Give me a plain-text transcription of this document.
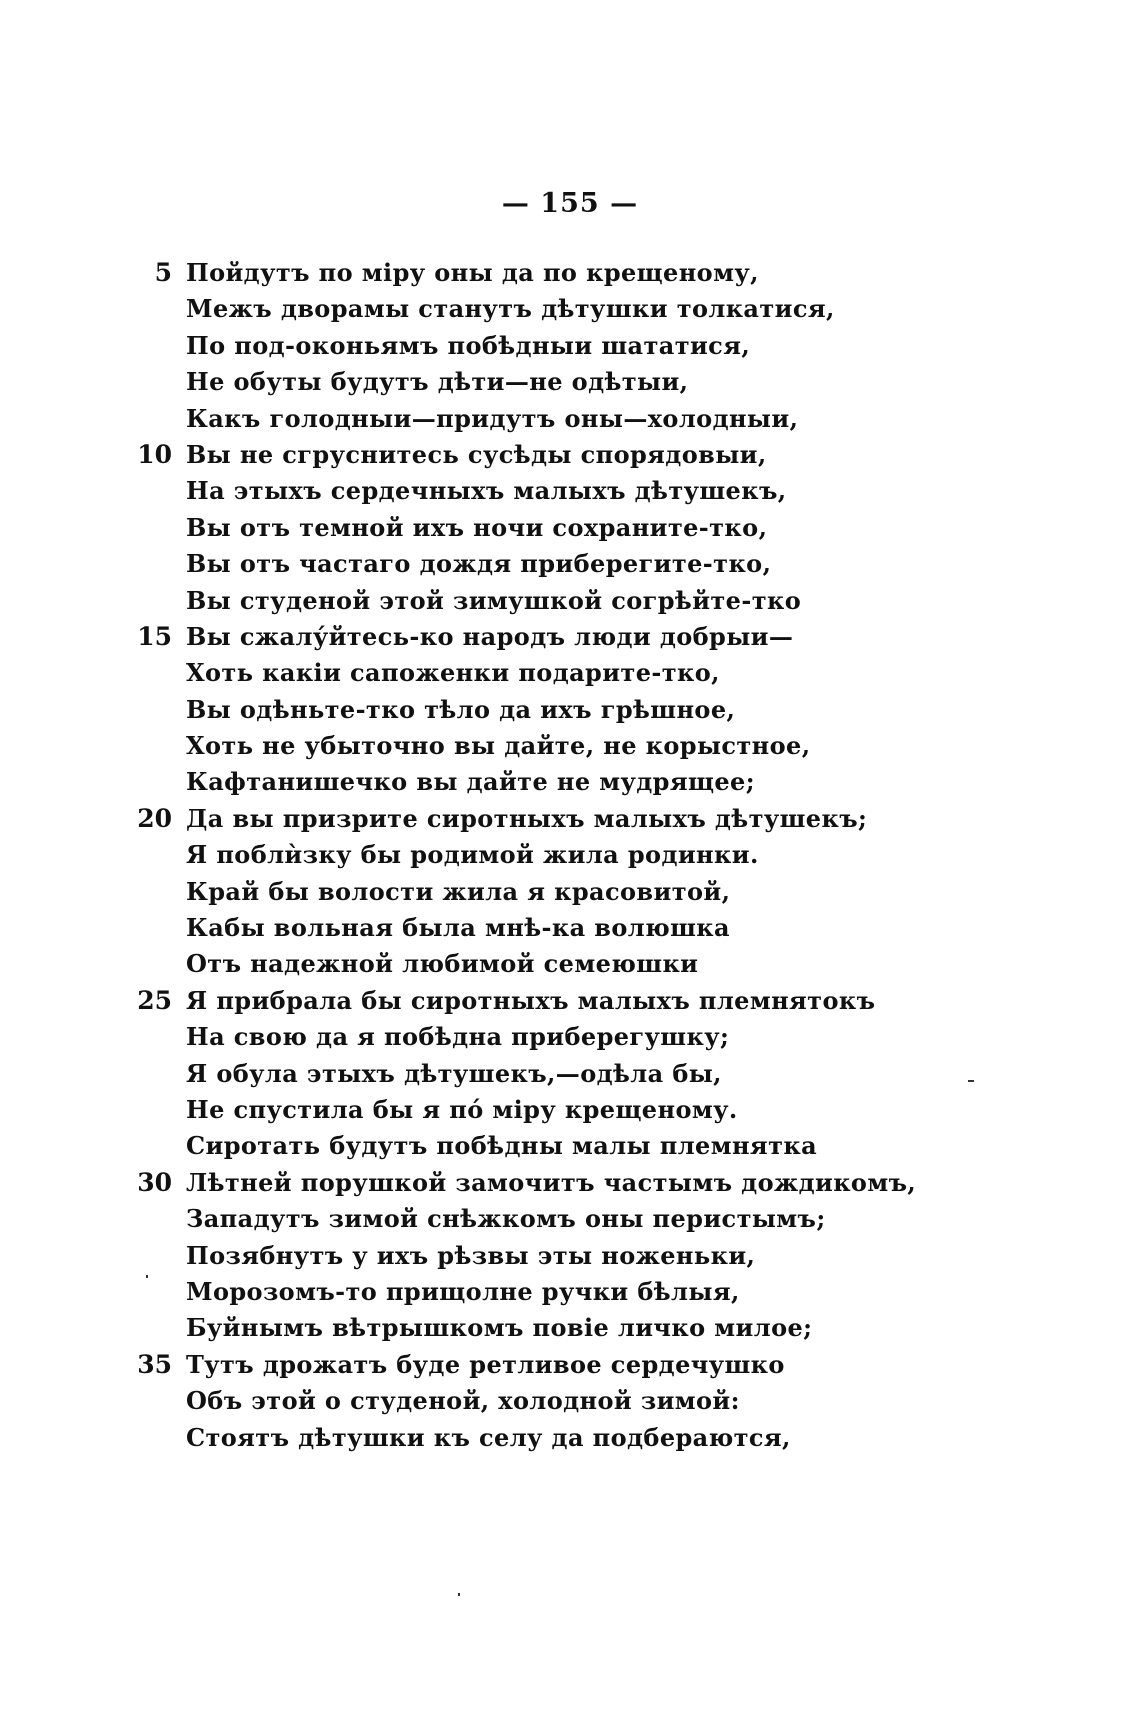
— 155 —
5 Пойдутъ по міру оны да по крещеному,
Межъ дворамы станутъ дѣтушки толкатися,
По под-оконьямъ побѣдныи шататися,
Не обуты будутъ дѣти—не одѣтыи,
Какъ голодныи—придутъ оны—холодныи,
10 Вы не сгруснитесь сусѣды спорядовыи,
На этыхъ сердечныхъ малыхъ дѣтушекъ,
Вы отъ темной ихъ ночи сохраните-тко,
Вы отъ частаго дождя приберегите-тко,
Вы студеной этой зимушкой согрѣйте-тко
15 Вы сжалу́йтесь-ко народъ люди добрыи—
Хоть какіи сапоженки подарите-тко,
Вы одѣньте-тко тѣло да ихъ грѣшное,
Хоть не убыточно вы дайте, не корыстное,
Кафтанишечко вы дайте не мудрящее;
20 Да вы призрите сиротныхъ малыхъ дѣтушекъ;
Я поблѝзку бы родимой жила родинки.
Край бы волости жила я красовитой,
Кабы вольная была мнѣ-ка волюшка
Отъ надежной любимой семеюшки
25 Я прибрала бы сиротныхъ малыхъ племнятокъ
На свою да я побѣдна приберегушку;
Я обула этыхъ дѣтушекъ,—одѣла бы,
Не спустила бы я по́ міру крещеному.
Сиротать будутъ побѣдны малы племнятка
30 Лѣтней порушкой замочитъ частымъ дождикомъ,
Западутъ зимой снѣжкомъ оны перистымъ;
Позябнутъ у ихъ рѣзвы эты ноженьки,
Морозомъ-то прищолне ручки бѣлыя,
Буйнымъ вѣтрышкомъ повіе личко милое;
35 Тутъ дрожатъ буде ретливое сердечушко
Объ этой о студеной, холодной зимой:
Стоятъ дѣтушки къ селу да подбераются,
